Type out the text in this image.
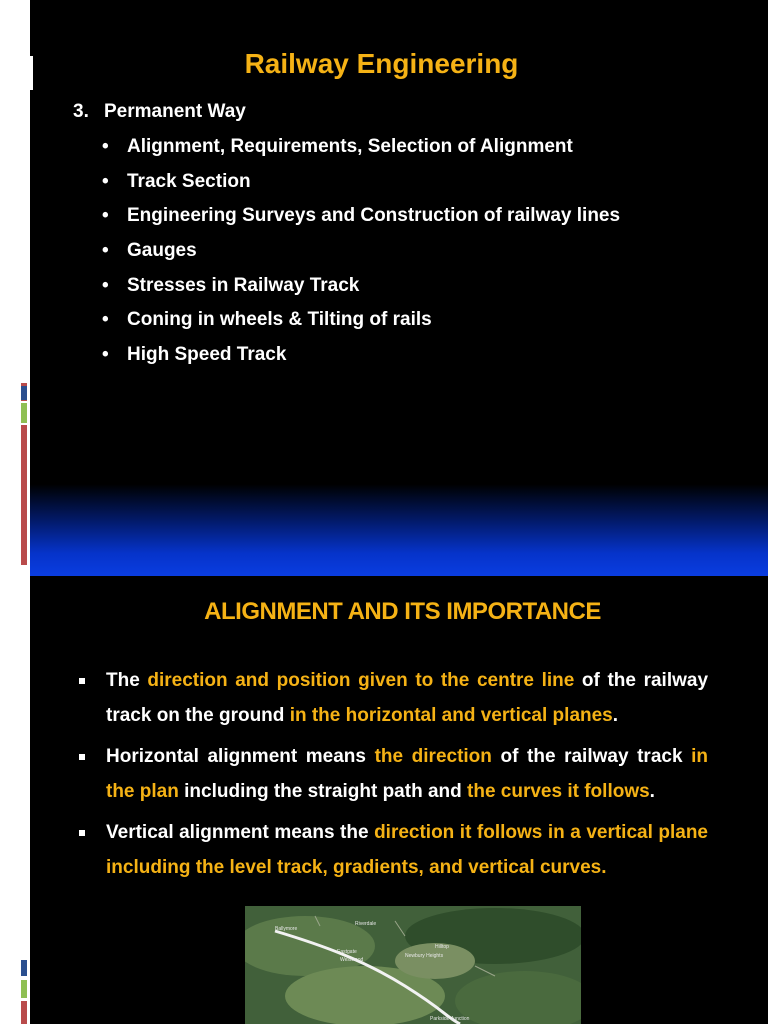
Railway Engineering
3. Permanent Way
• Alignment, Requirements, Selection of Alignment
• Track Section
• Engineering Surveys and Construction of railway lines
• Gauges
• Stresses in Railway Track
• Coning in wheels & Tilting of rails
• High Speed Track
ALIGNMENT AND ITS IMPORTANCE

The direction and position given to the centre line of the railway track on the ground in the horizontal and vertical planes.

Horizontal alignment means the direction of the railway track in the plan including the straight path and the curves it follows.

Vertical alignment means the direction it follows in a vertical plane including the level track, gradients, and vertical curves.

Ballymore
Riverdale
Eastgate
Hilltop
Westwood
Newbury Heights
Parkside Junction
